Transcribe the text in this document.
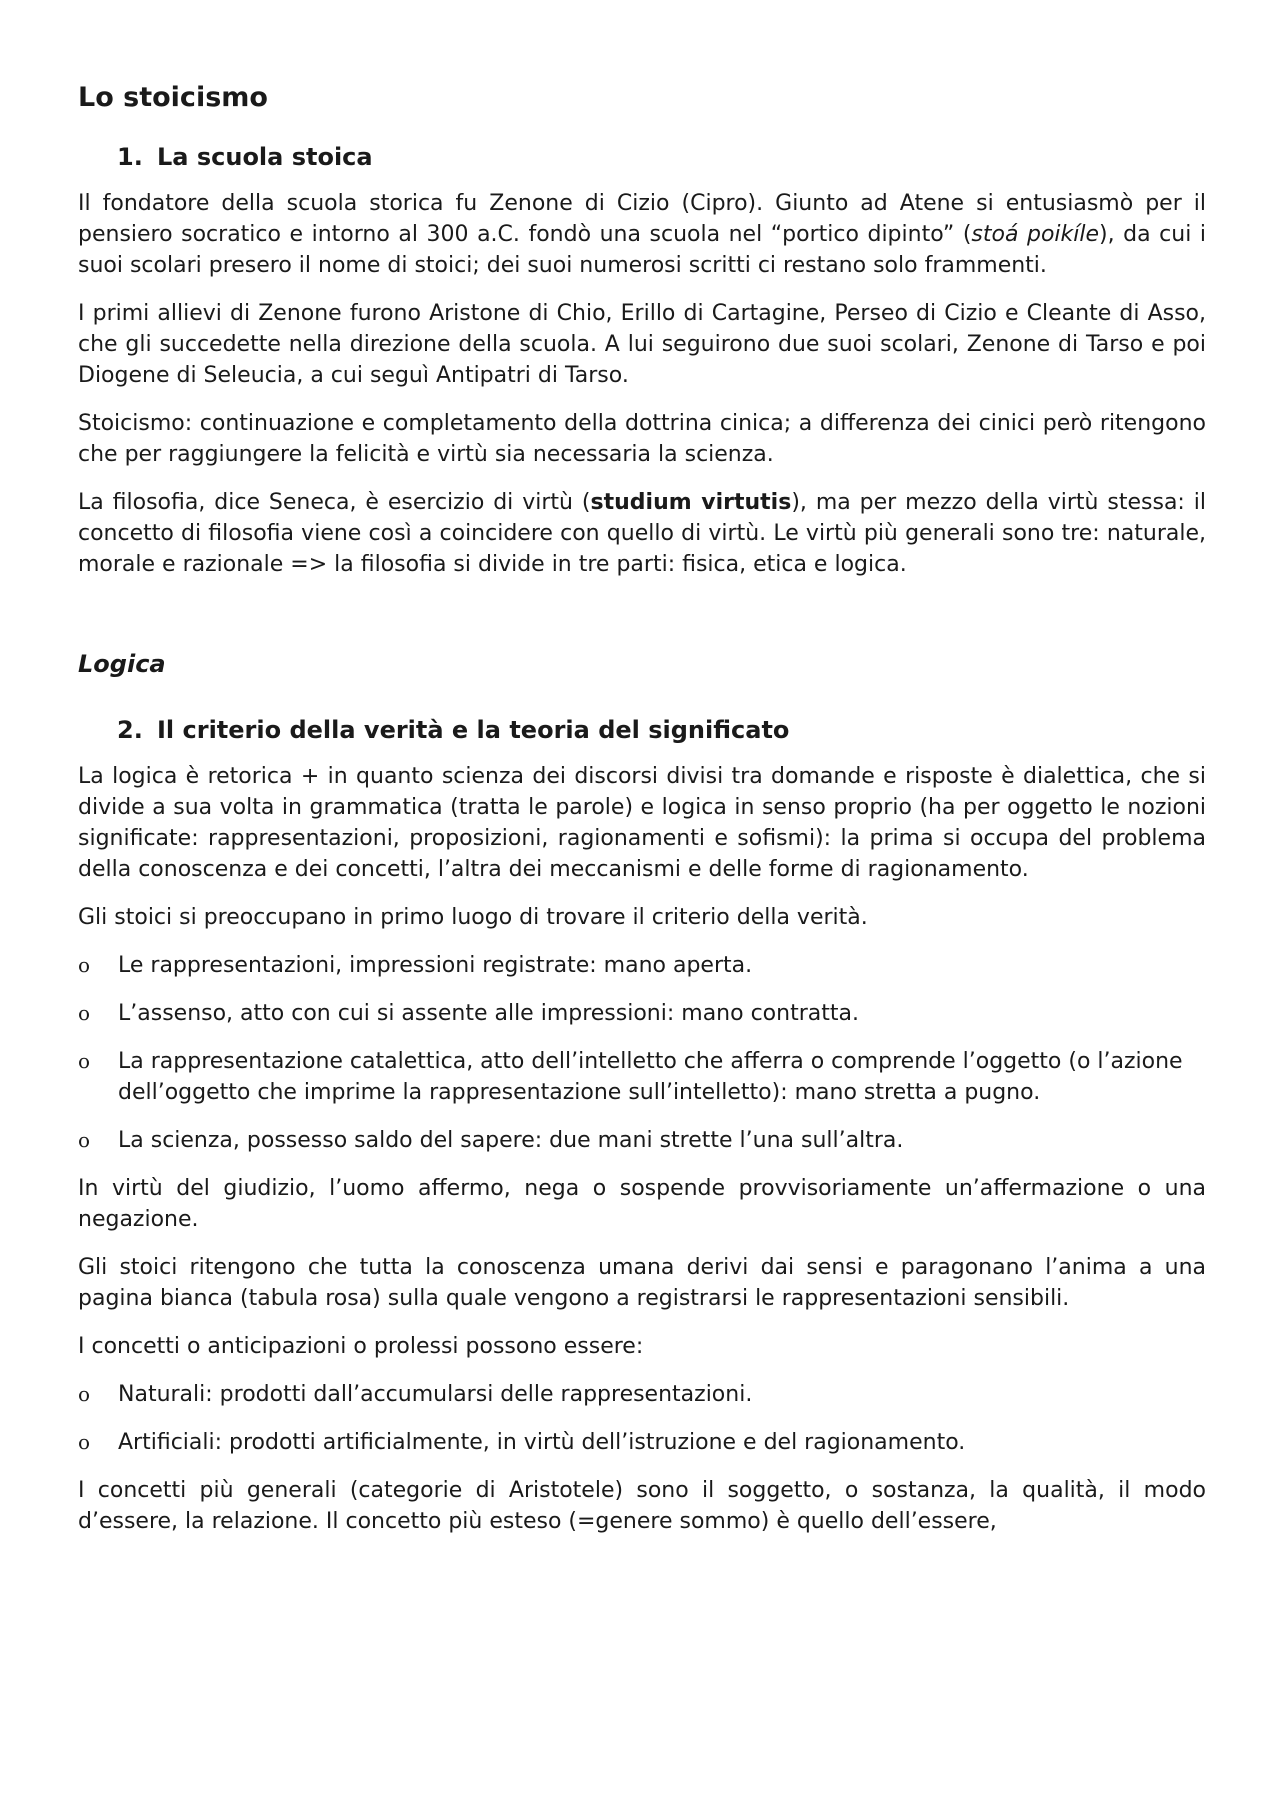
Lo stoicismo
1. La scuola stoica

Il fondatore della scuola storica fu Zenone di Cizio (Cipro). Giunto ad Atene si entusiasmò per il pensiero socratico e intorno al 300 a.C. fondò una scuola nel “portico dipinto” (stoá poikíle), da cui i suoi scolari presero il nome di stoici; dei suoi numerosi scritti ci restano solo frammenti.

I primi allievi di Zenone furono Aristone di Chio, Erillo di Cartagine, Perseo di Cizio e Cleante di Asso, che gli succedette nella direzione della scuola. A lui seguirono due suoi scolari, Zenone di Tarso e poi Diogene di Seleucia, a cui seguì Antipatri di Tarso.

Stoicismo: continuazione e completamento della dottrina cinica; a differenza dei cinici però ritengono che per raggiungere la felicità e virtù sia necessaria la scienza.

La filosofia, dice Seneca, è esercizio di virtù (studium virtutis), ma per mezzo della virtù stessa: il concetto di filosofia viene così a coincidere con quello di virtù. Le virtù più generali sono tre: naturale, morale e razionale => la filosofia si divide in tre parti: fisica, etica e logica.

Logica
2. Il criterio della verità e la teoria del significato

La logica è retorica + in quanto scienza dei discorsi divisi tra domande e risposte è dialettica, che si divide a sua volta in grammatica (tratta le parole) e logica in senso proprio (ha per oggetto le nozioni significate: rappresentazioni, proposizioni, ragionamenti e sofismi): la prima si occupa del problema della conoscenza e dei concetti, l’altra dei meccanismi e delle forme di ragionamento.

Gli stoici si preoccupano in primo luogo di trovare il criterio della verità.

o	Le rappresentazioni, impressioni registrate: mano aperta.
o	L’assenso, atto con cui si assente alle impressioni: mano contratta.
o	La rappresentazione catalettica, atto dell’intelletto che afferra o comprende l’oggetto (o l’azione dell’oggetto che imprime la rappresentazione sull’intelletto): mano stretta a pugno.
o	La scienza, possesso saldo del sapere: due mani strette l’una sull’altra.

In virtù del giudizio, l’uomo affermo, nega o sospende provvisoriamente un’affermazione o una negazione.

Gli stoici ritengono che tutta la conoscenza umana derivi dai sensi e paragonano l’anima a una pagina bianca (tabula rosa) sulla quale vengono a registrarsi le rappresentazioni sensibili.

I concetti o anticipazioni o prolessi possono essere:

o	Naturali: prodotti dall’accumularsi delle rappresentazioni.
o	Artificiali: prodotti artificialmente, in virtù dell’istruzione e del ragionamento.

I concetti più generali (categorie di Aristotele) sono il soggetto, o sostanza, la qualità, il modo d’essere, la relazione. Il concetto più esteso (=genere sommo) è quello dell’essere,
